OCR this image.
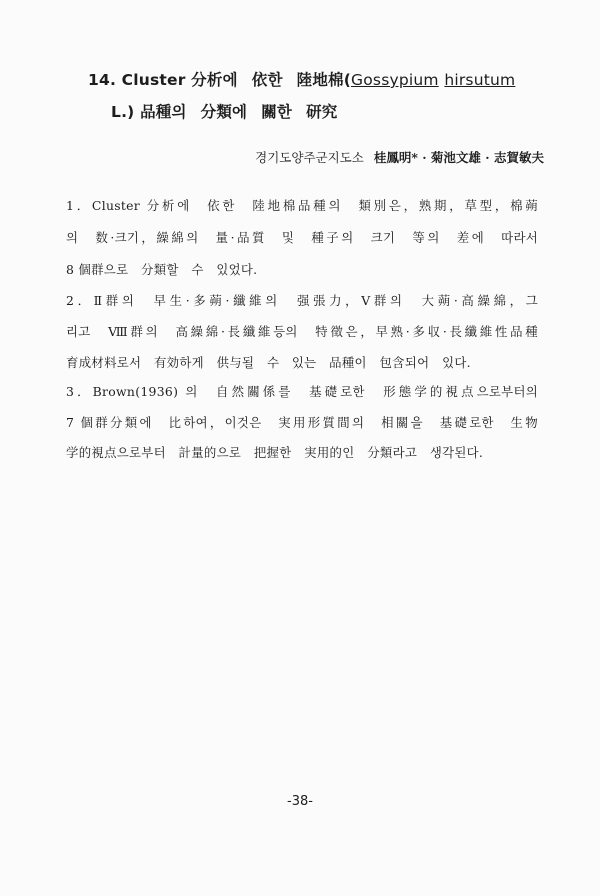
14. Cluster 分析에 依한 陸地棉(Gossypium hirsutum
L.) 品種의 分類에 關한 研究
경기도양주군지도소 桂鳳明* · 菊池文雄 · 志賀敏夫
1．Cluster 分析에　依한　陸地棉品種의　類別은，熟期，草型，棉蒴
의　数·크기，繰綿의　量·品質　및　種子의　크기　等의　差에　따라서
8 個群으로　分類할　수　있었다.
2．Ⅱ群의　早生·多蒴·纖維의　强張力，Ⅴ群의　大蒴·高繰綿，그
리고　Ⅷ群의　高繰綿·長纖維등의　特徵은，早熟·多収·長纖維性品種
育成材料로서　有効하게　供与될　수　있는　品種이　包含되어　있다.
3．Brown(1936) 의　自然關係를　基礎로한　形態学的視点으로부터의
7 個群分類에　比하여，이것은　実用形質間의　相關을　基礎로한　生物
学的視点으로부터　計量的으로　把握한　実用的인　分類라고　생각된다.
-38-
